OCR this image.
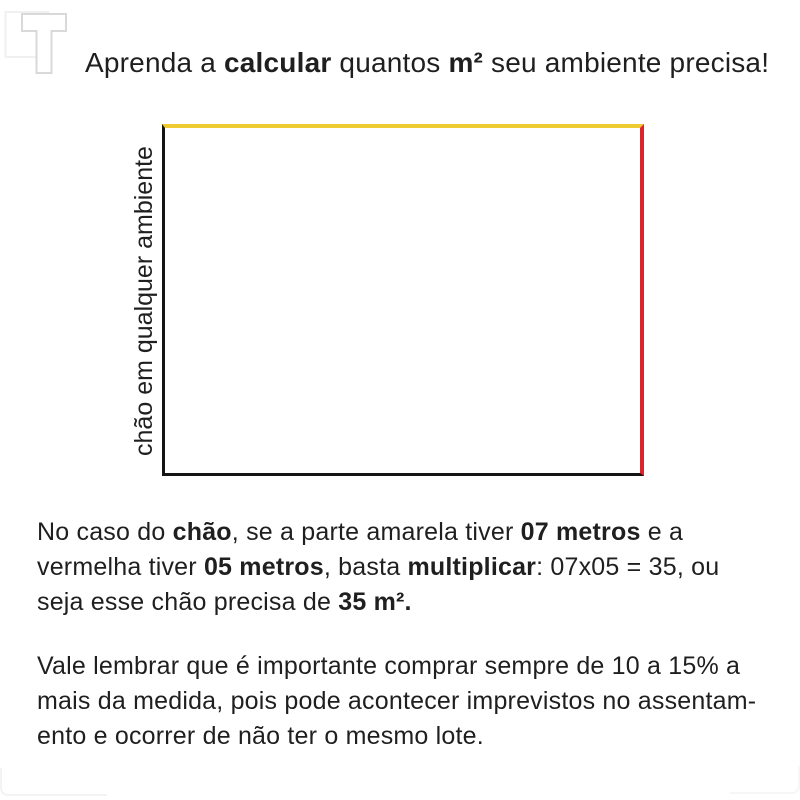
Aprenda a calcular quantos m² seu ambiente precisa!
chão em qualquer ambiente

No caso do chão, se a parte amarela tiver 07 metros e a
vermelha tiver 05 metros, basta multiplicar: 07x05 = 35, ou
seja esse chão precisa de 35 m².

Vale lembrar que é importante comprar sempre de 10 a 15% a
mais da medida, pois pode acontecer imprevistos no assentam-
ento e ocorrer de não ter o mesmo lote.
